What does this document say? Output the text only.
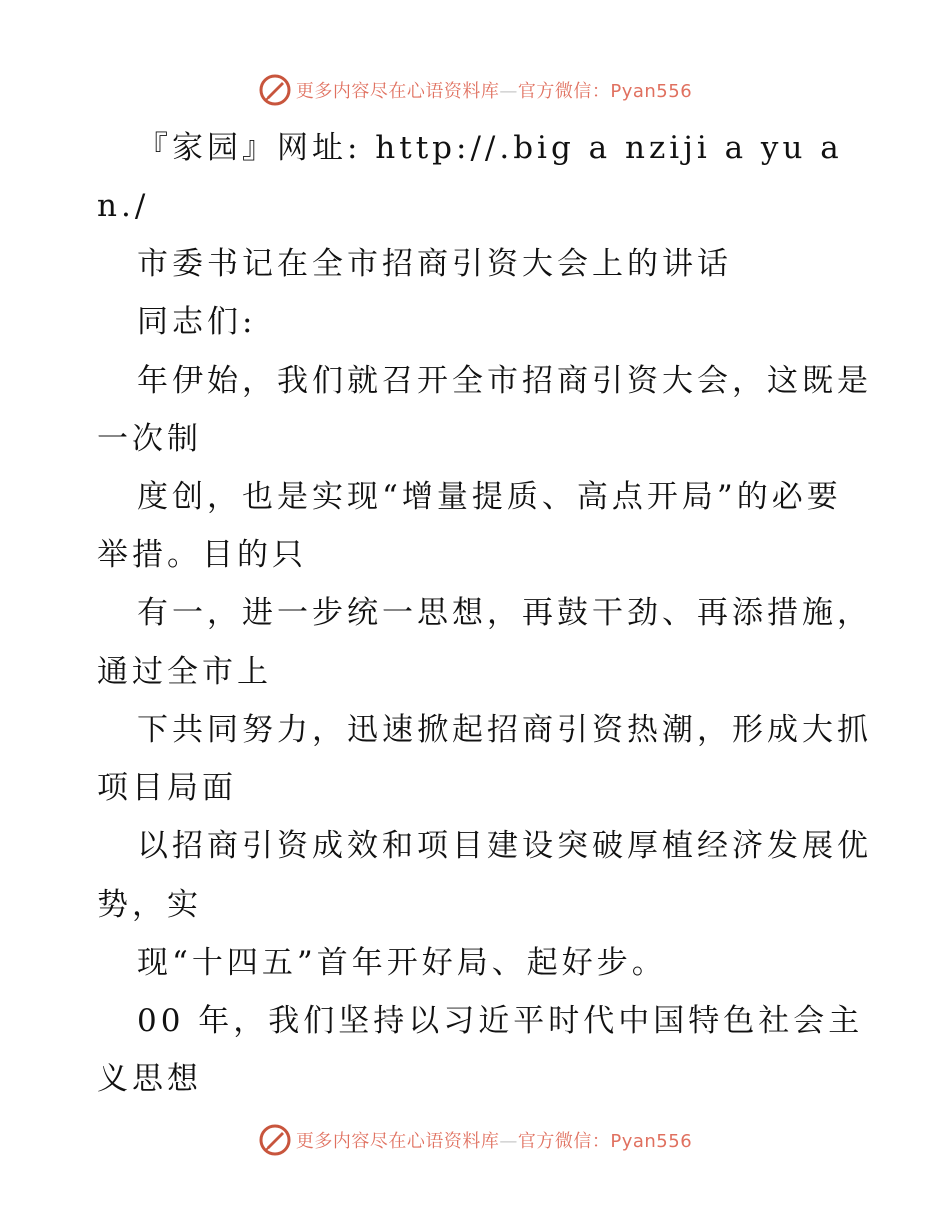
更多内容尽在心语资料库—官方微信：Pyan556
『家园』网址: http://.big a nziji a yu a
n./
市委书记在全市招商引资大会上的讲话
同志们:
年伊始，我们就召开全市招商引资大会，这既是
一次制
度创，也是实现“增量提质、高点开局”的必要
举措。目的只
有一，进一步统一思想，再鼓干劲、再添措施，
通过全市上
下共同努力，迅速掀起招商引资热潮，形成大抓
项目局面
以招商引资成效和项目建设突破厚植经济发展优
势，实
现“十四五”首年开好局、起好步。
00 年，我们坚持以习近平时代中国特色社会主
义思想
更多内容尽在心语资料库—官方微信：Pyan556
